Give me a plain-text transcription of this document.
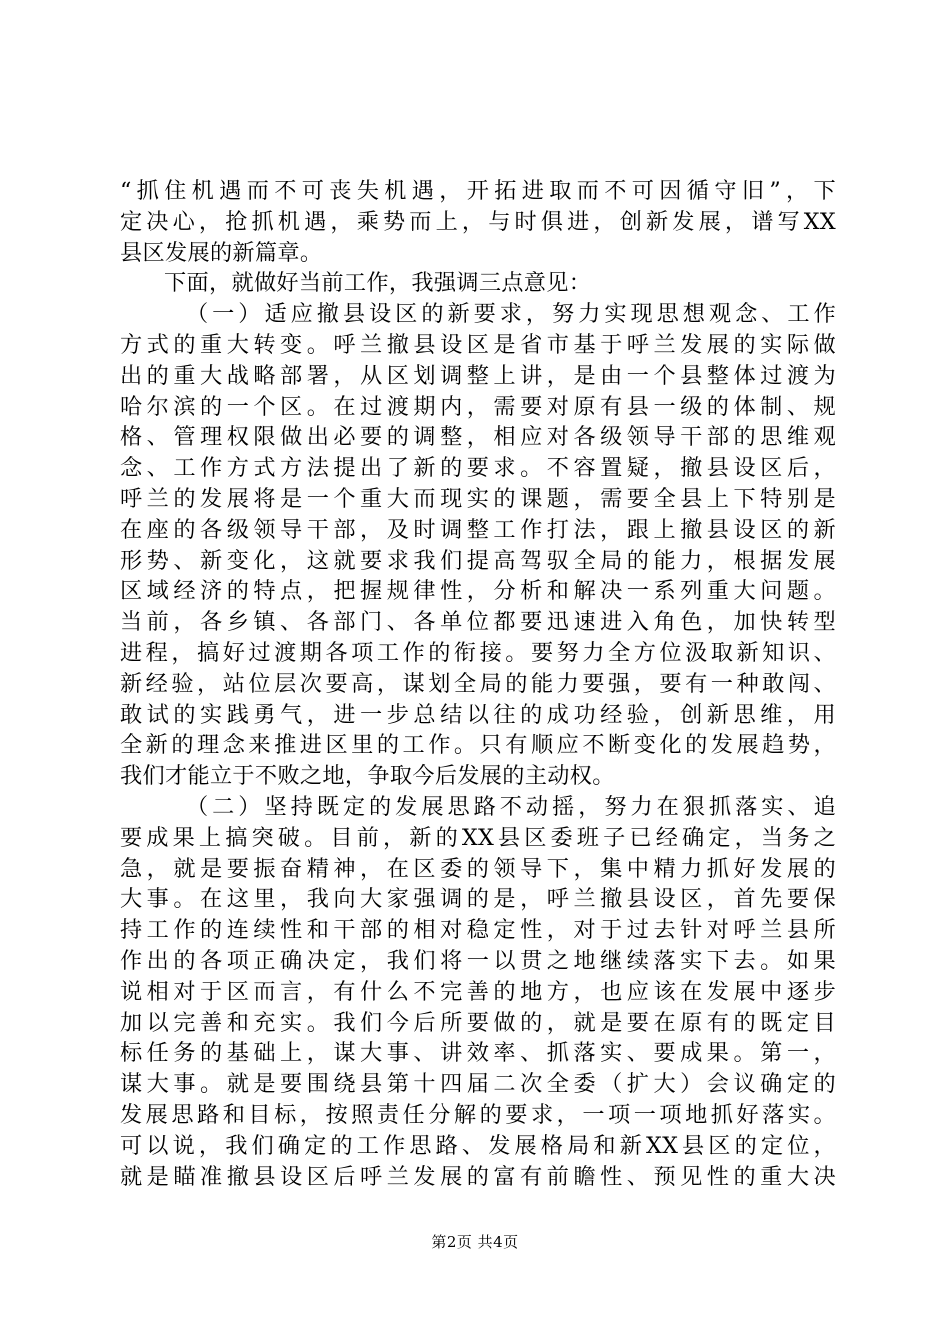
“抓住机遇而不可丧失机遇，开拓进取而不可因循守旧”，下
定决心，抢抓机遇，乘势而上，与时俱进，创新发展，谱写XX
县区发展的新篇章。
下面，就做好当前工作，我强调三点意见：
（一）适应撤县设区的新要求，努力实现思想观念、工作
方式的重大转变。呼兰撤县设区是省市基于呼兰发展的实际做
出的重大战略部署，从区划调整上讲，是由一个县整体过渡为
哈尔滨的一个区。在过渡期内，需要对原有县一级的体制、规
格、管理权限做出必要的调整，相应对各级领导干部的思维观
念、工作方式方法提出了新的要求。不容置疑，撤县设区后，
呼兰的发展将是一个重大而现实的课题，需要全县上下特别是
在座的各级领导干部，及时调整工作打法，跟上撤县设区的新
形势、新变化，这就要求我们提高驾驭全局的能力，根据发展
区域经济的特点，把握规律性，分析和解决一系列重大问题。
当前，各乡镇、各部门、各单位都要迅速进入角色，加快转型
进程，搞好过渡期各项工作的衔接。要努力全方位汲取新知识、
新经验，站位层次要高，谋划全局的能力要强，要有一种敢闯、
敢试的实践勇气，进一步总结以往的成功经验，创新思维，用
全新的理念来推进区里的工作。只有顺应不断变化的发展趋势，
我们才能立于不败之地，争取今后发展的主动权。
（二）坚持既定的发展思路不动摇，努力在狠抓落实、追
要成果上搞突破。目前，新的XX县区委班子已经确定，当务之
急，就是要振奋精神，在区委的领导下，集中精力抓好发展的
大事。在这里，我向大家强调的是，呼兰撤县设区，首先要保
持工作的连续性和干部的相对稳定性，对于过去针对呼兰县所
作出的各项正确决定，我们将一以贯之地继续落实下去。如果
说相对于区而言，有什么不完善的地方，也应该在发展中逐步
加以完善和充实。我们今后所要做的，就是要在原有的既定目
标任务的基础上，谋大事、讲效率、抓落实、要成果。第一，
谋大事。就是要围绕县第十四届二次全委（扩大）会议确定的
发展思路和目标，按照责任分解的要求，一项一项地抓好落实。
可以说，我们确定的工作思路、发展格局和新XX县区的定位，
就是瞄准撤县设区后呼兰发展的富有前瞻性、预见性的重大决
第2页 共4页
